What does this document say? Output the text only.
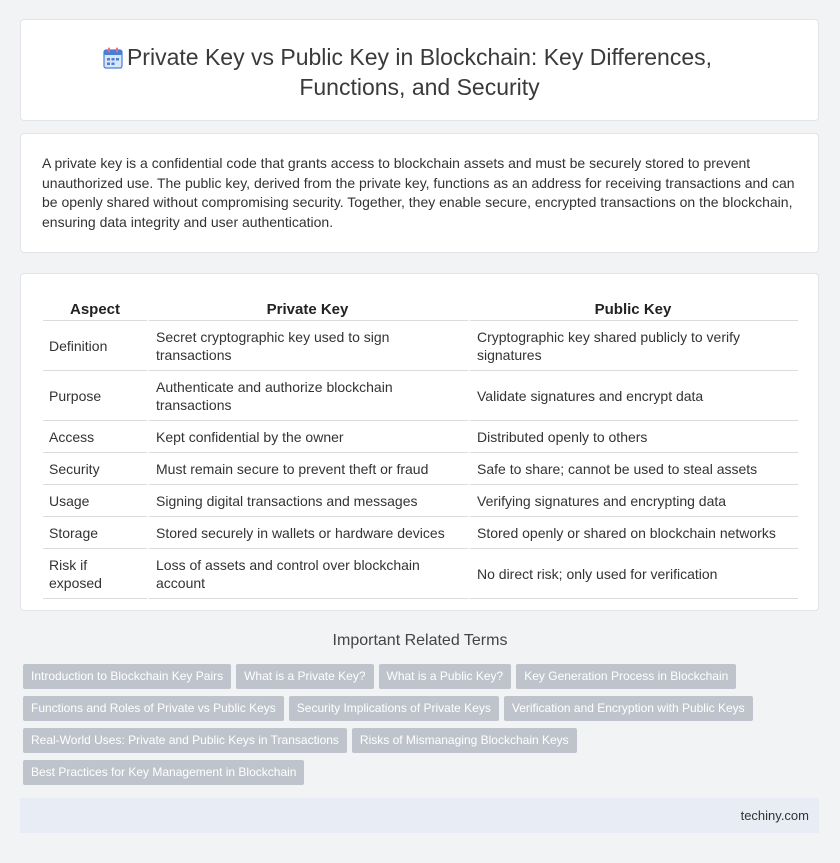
Private Key vs Public Key in Blockchain: Key Differences, Functions, and Security

A private key is a confidential code that grants access to blockchain assets and must be securely stored to prevent unauthorized use. The public key, derived from the private key, functions as an address for receiving transactions and can be openly shared without compromising security. Together, they enable secure, encrypted transactions on the blockchain, ensuring data integrity and user authentication.

Aspect	Private Key	Public Key
Definition	Secret cryptographic key used to sign transactions	Cryptographic key shared publicly to verify signatures
Purpose	Authenticate and authorize blockchain transactions	Validate signatures and encrypt data
Access	Kept confidential by the owner	Distributed openly to others
Security	Must remain secure to prevent theft or fraud	Safe to share; cannot be used to steal assets
Usage	Signing digital transactions and messages	Verifying signatures and encrypting data
Storage	Stored securely in wallets or hardware devices	Stored openly or shared on blockchain networks
Risk if exposed	Loss of assets and control over blockchain account	No direct risk; only used for verification
Important Related Terms
Introduction to Blockchain Key Pairs What is a Private Key? What is a Public Key? Key Generation Process in Blockchain
Functions and Roles of Private vs Public Keys Security Implications of Private Keys Verification and Encryption with Public Keys
Real-World Uses: Private and Public Keys in Transactions Risks of Mismanaging Blockchain Keys
Best Practices for Key Management in Blockchain
techiny.com
